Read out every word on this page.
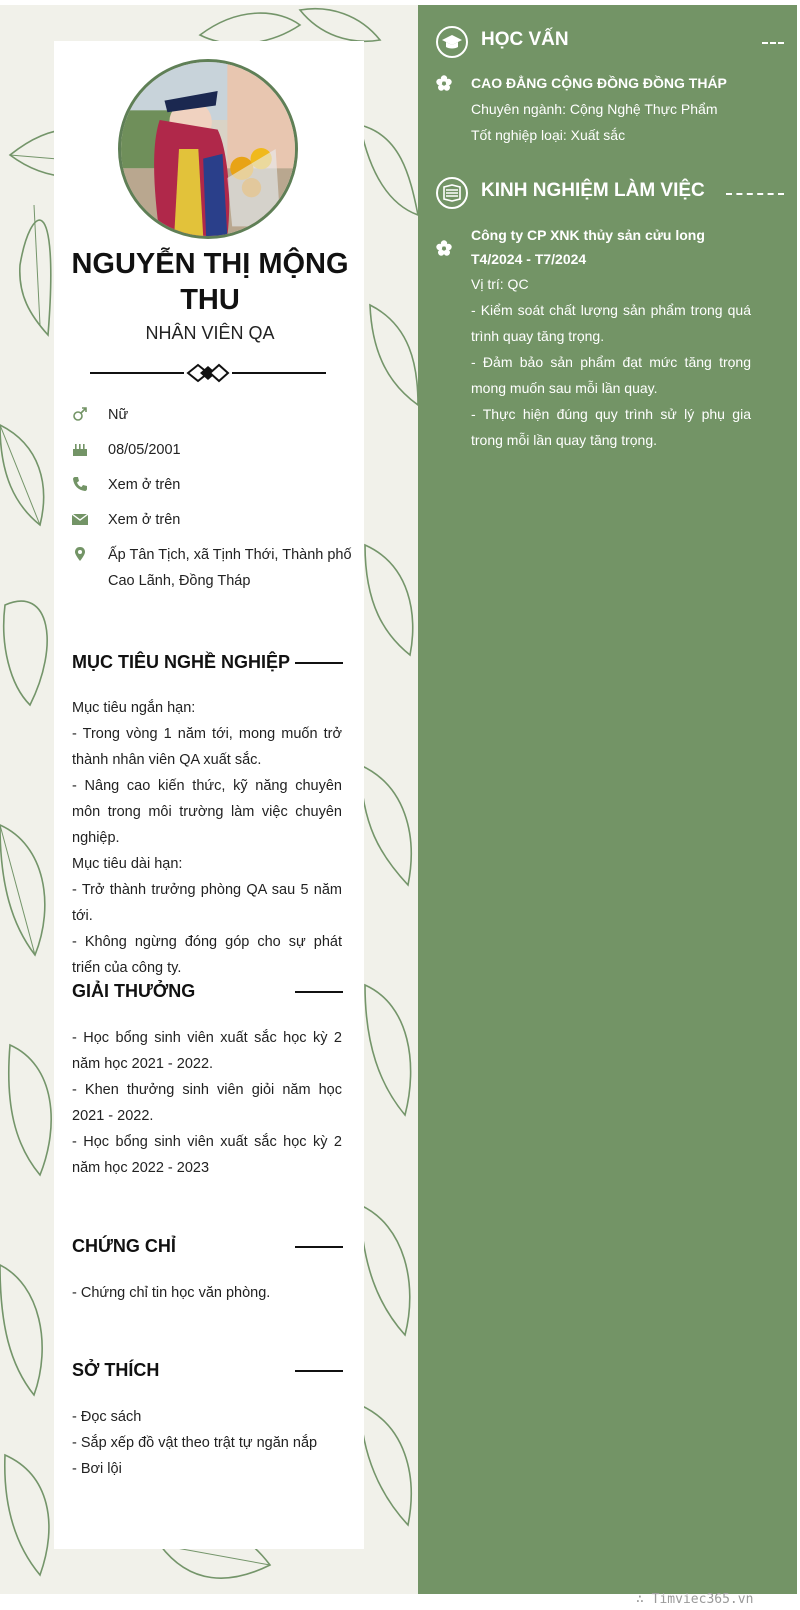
NGUYỄN THỊ MỘNG THU
NHÂN VIÊN QA
Nữ
08/05/2001
Xem ở trên
Xem ở trên
Ấp Tân Tịch, xã Tịnh Thới, Thành phố Cao Lãnh, Đồng Tháp
MỤC TIÊU NGHỀ NGHIỆP

Mục tiêu ngắn hạn:

- Trong vòng 1 năm tới, mong muốn trở thành nhân viên QA xuất sắc.

- Nâng cao kiến thức, kỹ năng chuyên môn trong môi trường làm việc chuyên nghiệp.

Mục tiêu dài hạn:

- Trở thành trưởng phòng QA sau 5 năm tới.

- Không ngừng đóng góp cho sự phát triển của công ty.

GIẢI THƯỞNG

- Học bổng sinh viên xuất sắc học kỳ 2 năm học 2021 - 2022.

- Khen thưởng sinh viên giỏi năm học 2021 - 2022.

- Học bổng sinh viên xuất sắc học kỳ 2 năm học 2022 - 2023

CHỨNG CHỈ

- Chứng chỉ tin học văn phòng.

SỞ THÍCH

- Đọc sách

- Sắp xếp đồ vật theo trật tự ngăn nắp

- Bơi lội

HỌC VẤN

CAO ĐẲNG CỘNG ĐỒNG ĐỒNG THÁP

Chuyên ngành: Cộng Nghệ Thực Phẩm

Tốt nghiệp loại: Xuất sắc

KINH NGHIỆM LÀM VIỆC

Công ty CP XNK thủy sản cửu long

T4/2024 - T7/2024

Vị trí: QC

- Kiểm soát chất lượng sản phẩm trong quá trình quay tăng trọng.

- Đảm bảo sản phẩm đạt mức tăng trọng mong muốn sau mỗi lần quay.

- Thực hiện đúng quy trình sử lý phụ gia trong mỗi lần quay tăng trọng.

∴ Timviec365.vn
